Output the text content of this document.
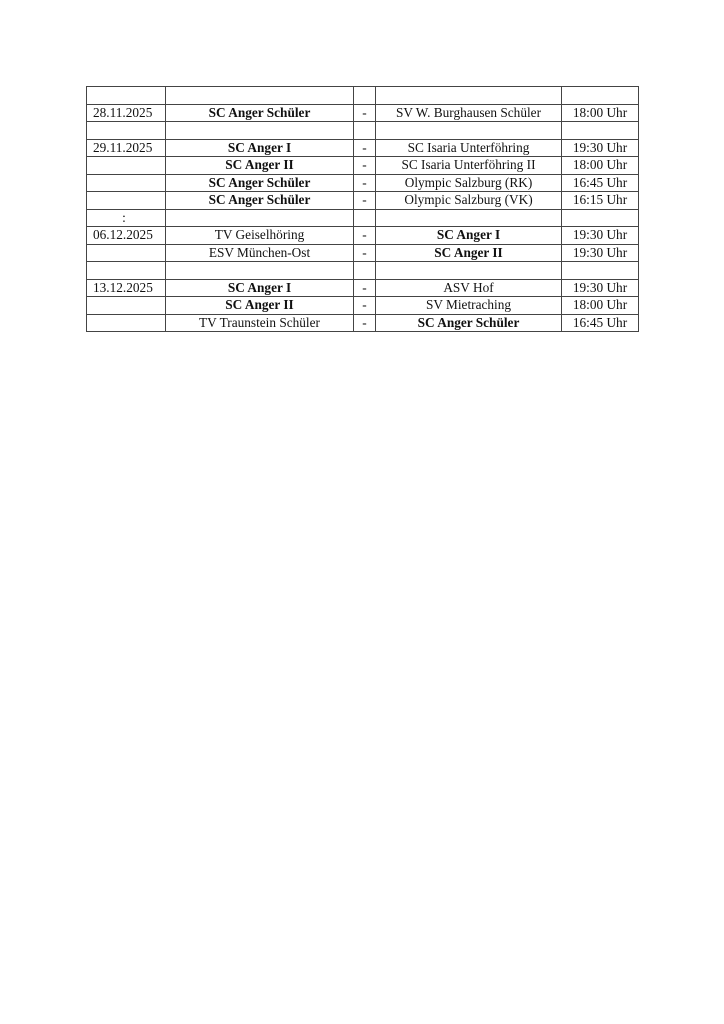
28.11.2025	SC Anger Schüler	-	SV W. Burghausen Schüler	18:00 Uhr

29.11.2025	SC Anger I	-	SC Isaria Unterföhring	19:30 Uhr
	SC Anger II	-	SC Isaria Unterföhring II	18:00 Uhr
	SC Anger Schüler	-	Olympic Salzburg (RK)	16:45 Uhr
	SC Anger Schüler	-	Olympic Salzburg (VK)	16:15 Uhr
:				
06.12.2025	TV Geiselhöring	-	SC Anger I	19:30 Uhr
	ESV München-Ost	-	SC Anger II	19:30 Uhr

13.12.2025	SC Anger I	-	ASV Hof	19:30 Uhr
	SC Anger II	-	SV Mietraching	18:00 Uhr
	TV Traunstein Schüler	-	SC Anger Schüler	16:45 Uhr
